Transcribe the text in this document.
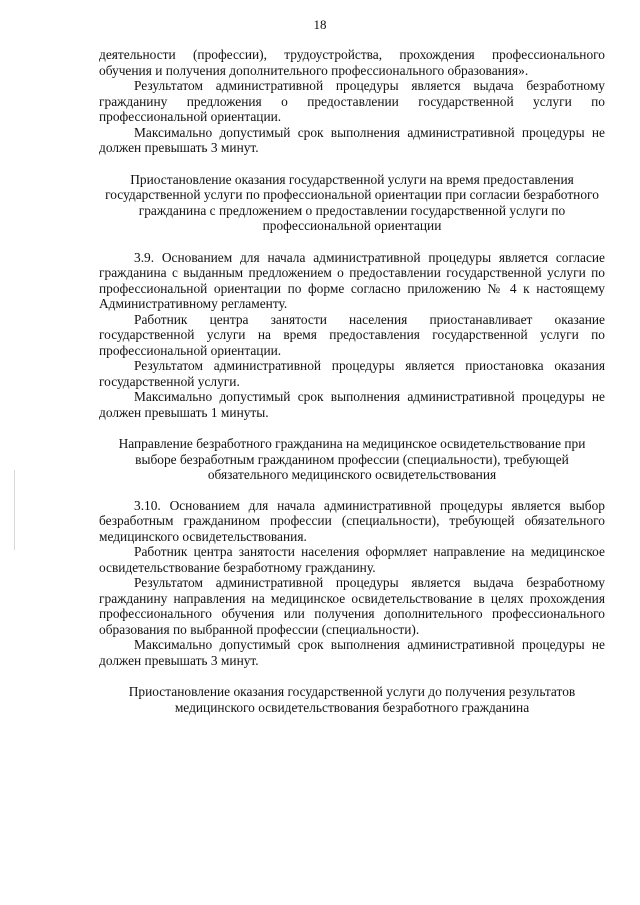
18

деятельности (профессии), трудоустройства, прохождения профессионального обучения и получения дополнительного профессионального образования».

Результатом административной процедуры является выдача безработному гражданину предложения о предоставлении государственной услуги по профессиональной ориентации.

Максимально допустимый срок выполнения административной процедуры не должен превышать 3 минут.

Приостановление оказания государственной услуги на время предоставления государственной услуги по профессиональной ориентации при согласии безработного гражданина с предложением о предоставлении государственной услуги по профессиональной ориентации

3.9. Основанием для начала административной процедуры является согласие гражданина с выданным предложением о предоставлении государственной услуги по профессиональной ориентации по форме согласно приложению № 4 к настоящему Административному регламенту.

Работник центра занятости населения приостанавливает оказание государственной услуги на время предоставления государственной услуги по профессиональной ориентации.

Результатом административной процедуры является приостановка оказания государственной услуги.

Максимально допустимый срок выполнения административной процедуры не должен превышать 1 минуты.

Направление безработного гражданина на медицинское освидетельствование при выборе безработным гражданином профессии (специальности), требующей обязательного медицинского освидетельствования

3.10. Основанием для начала административной процедуры является выбор безработным гражданином профессии (специальности), требующей обязательного медицинского освидетельствования.

Работник центра занятости населения оформляет направление на медицинское освидетельствование безработному гражданину.

Результатом административной процедуры является выдача безработному гражданину направления на медицинское освидетельствование в целях прохождения профессионального обучения или получения дополнительного профессионального образования по выбранной профессии (специальности).

Максимально допустимый срок выполнения административной процедуры не должен превышать 3 минут.

Приостановление оказания государственной услуги до получения результатов медицинского освидетельствования безработного гражданина
